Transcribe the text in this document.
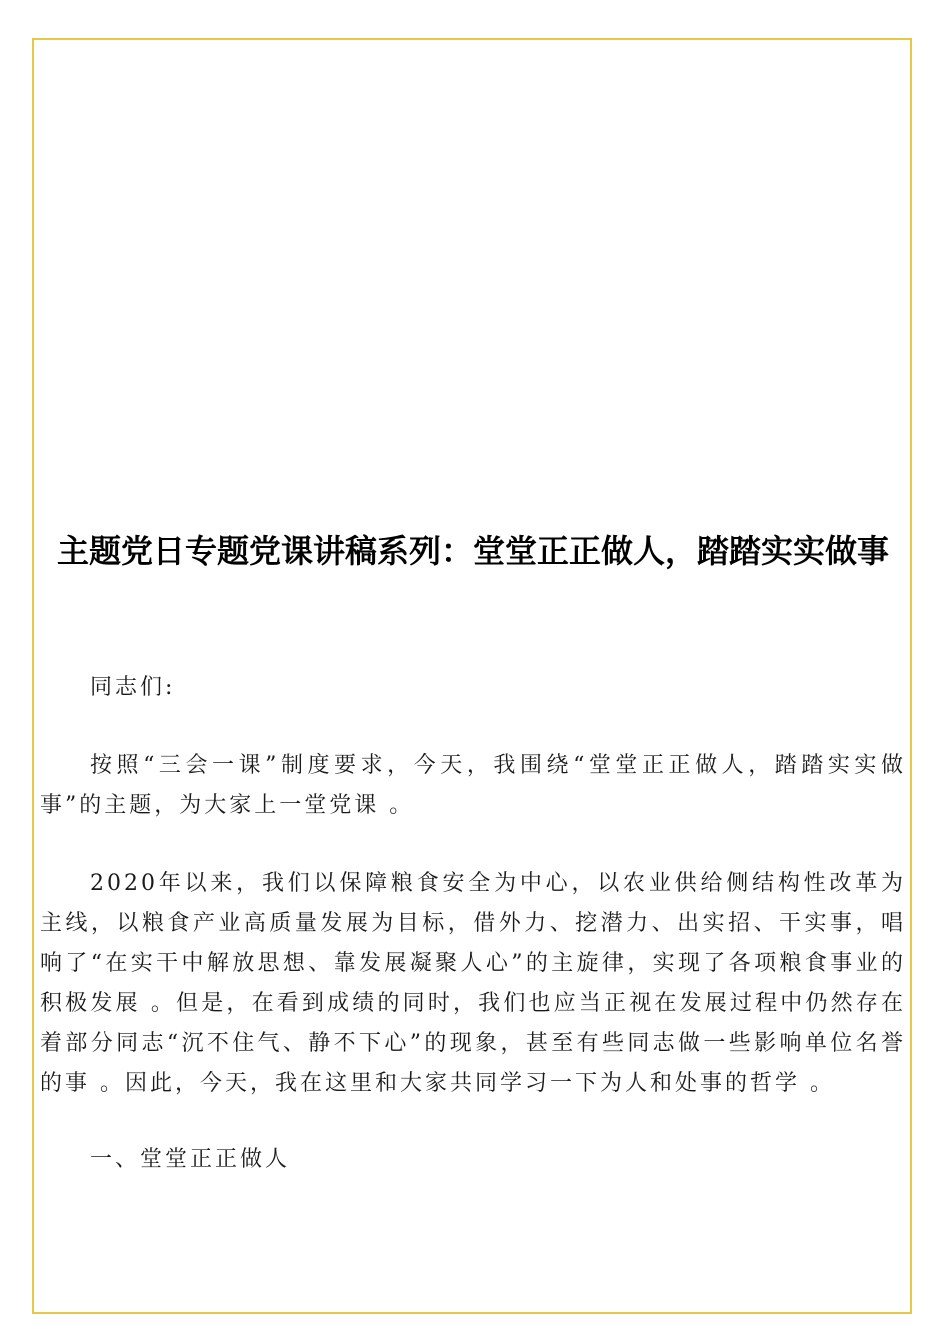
主题党日专题党课讲稿系列：堂堂正正做人，踏踏实实做事

同志们:

按照“三会一课”制度要求，今天，我围绕“堂堂正正做人，踏踏实实做事”的主题，为大家上一堂党课 。

2020年以来，我们以保障粮食安全为中心，以农业供给侧结构性改革为主线，以粮食产业高质量发展为目标，借外力、挖潜力、出实招、干实事，唱响了“在实干中解放思想、靠发展凝聚人心”的主旋律，实现了各项粮食事业的积极发展 。但是，在看到成绩的同时，我们也应当正视在发展过程中仍然存在着部分同志“沉不住气、静不下心”的现象，甚至有些同志做一些影响单位名誉的事 。因此，今天，我在这里和大家共同学习一下为人和处事的哲学 。

一、堂堂正正做人
